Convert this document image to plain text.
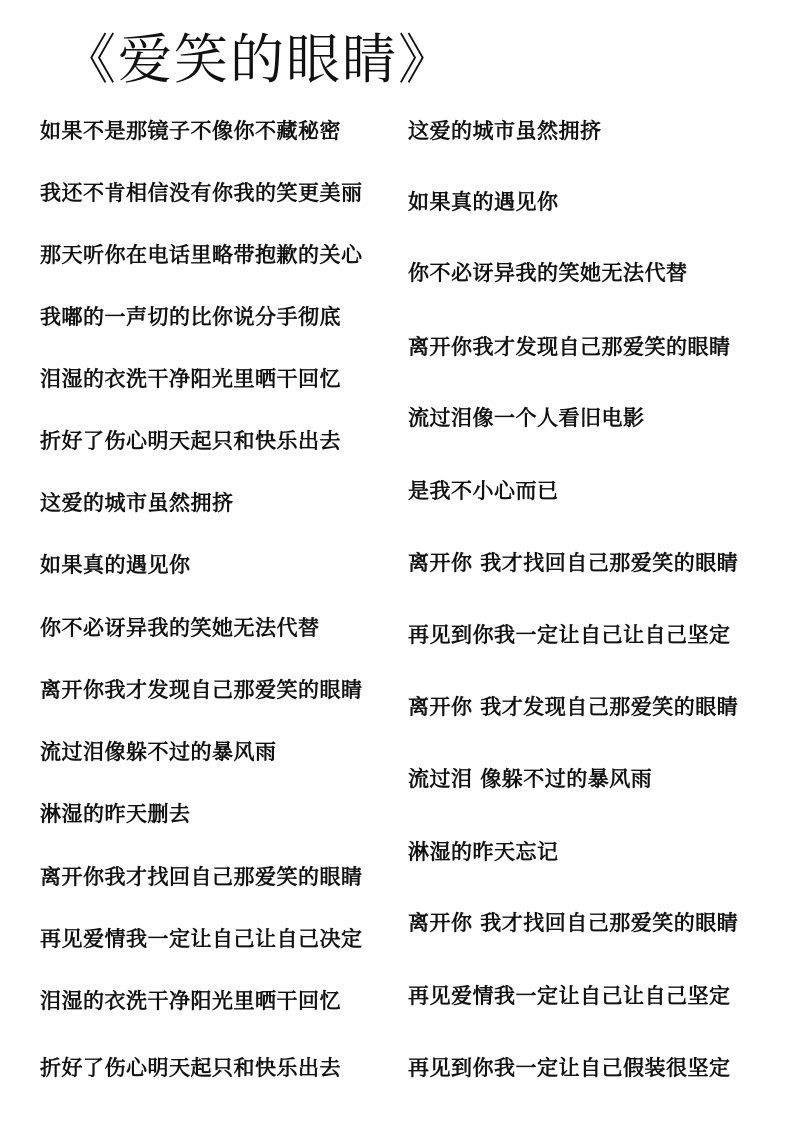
《爱笑的眼睛》

如果不是那镜子不像你不藏秘密

我还不肯相信没有你我的笑更美丽

那天听你在电话里略带抱歉的关心

我嘟的一声切的比你说分手彻底

泪湿的衣洗干净阳光里晒干回忆

折好了伤心明天起只和快乐出去

这爱的城市虽然拥挤

如果真的遇见你

你不必讶异我的笑她无法代替

离开你我才发现自己那爱笑的眼睛

流过泪像躲不过的暴风雨

淋湿的昨天删去

离开你我才找回自己那爱笑的眼睛

再见爱情我一定让自己让自己决定

泪湿的衣洗干净阳光里晒干回忆

折好了伤心明天起只和快乐出去

这爱的城市虽然拥挤

如果真的遇见你

你不必讶异我的笑她无法代替

离开你我才发现自己那爱笑的眼睛

流过泪像一个人看旧电影

是我不小心而已

离开你 我才找回自己那爱笑的眼睛

再见到你我一定让自己让自己坚定

离开你 我才发现自己那爱笑的眼睛

流过泪 像躲不过的暴风雨

淋湿的昨天忘记

离开你 我才找回自己那爱笑的眼睛

再见爱情我一定让自己让自己坚定

再见到你我一定让自己假装很坚定
